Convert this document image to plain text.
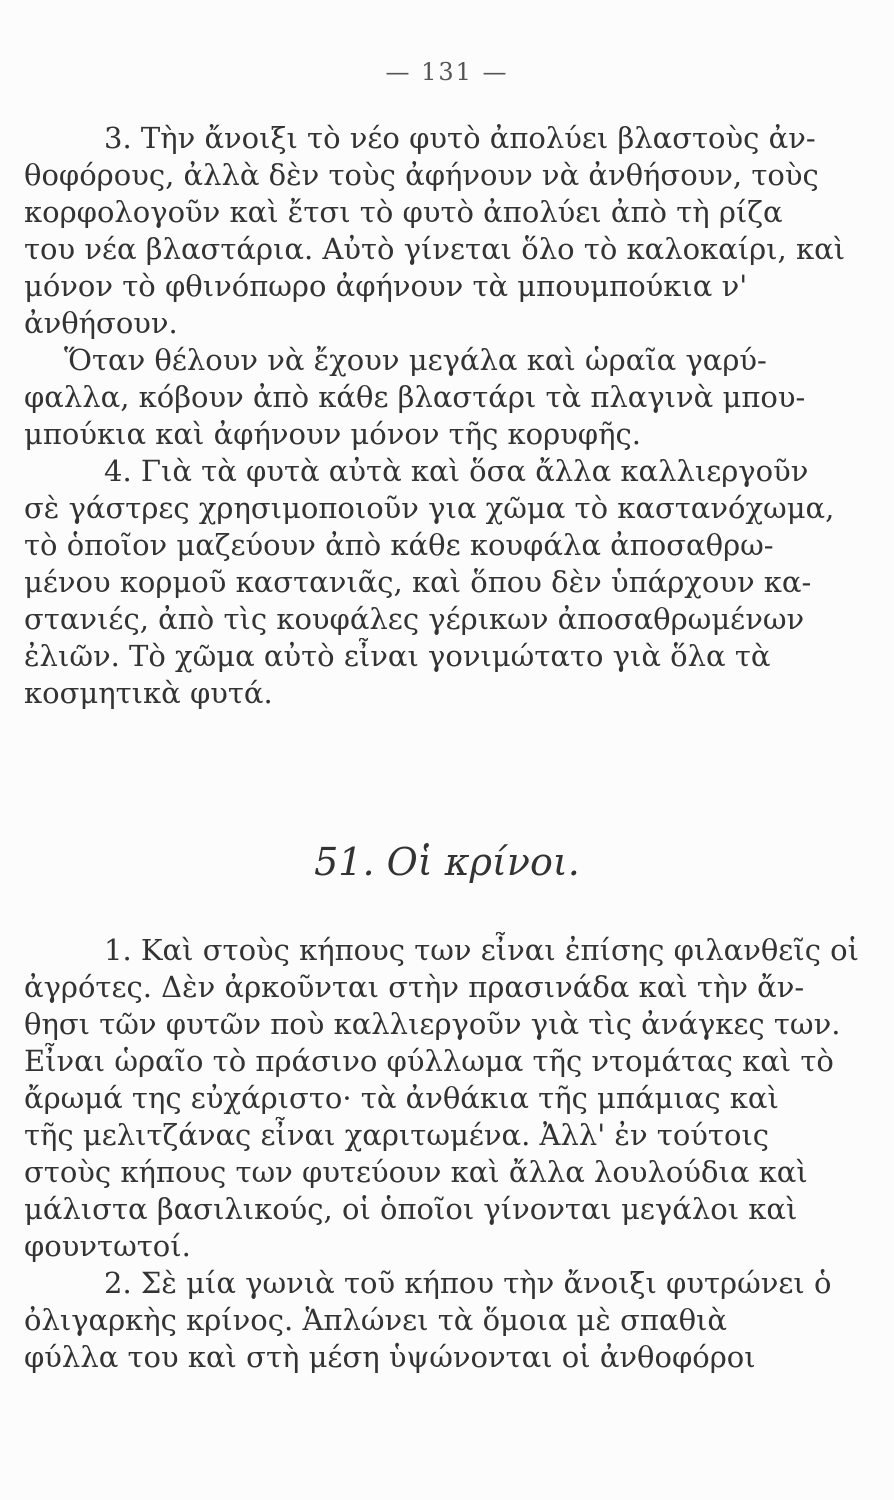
— 131 —
3. Τὴν ἄνοιξι τὸ νέο φυτὸ ἀπολύει βλαστοὺς ἀν-
θοφόρους, ἀλλὰ δὲν τοὺς ἀφήνουν νὰ ἀνθήσουν, τοὺς
κορφολογοῦν καὶ ἔτσι τὸ φυτὸ ἀπολύει ἀπὸ τὴ ρίζα
του νέα βλαστάρια. Αὐτὸ γίνεται ὅλο τὸ καλοκαίρι, καὶ
μόνον τὸ φθινόπωρο ἀφήνουν τὰ μπουμπούκια ν'
ἀνθήσουν.
Ὅταν θέλουν νὰ ἔχουν μεγάλα καὶ ὡραῖα γαρύ-
φαλλα, κόβουν ἀπὸ κάθε βλαστάρι τὰ πλαγινὰ μπου-
μπούκια καὶ ἀφήνουν μόνον τῆς κορυφῆς.
4. Γιὰ τὰ φυτὰ αὐτὰ καὶ ὅσα ἄλλα καλλιεργοῦν
σὲ γάστρες χρησιμοποιοῦν για χῶμα τὸ καστανόχωμα,
τὸ ὁποῖον μαζεύουν ἀπὸ κάθε κουφάλα ἀποσαθρω-
μένου κορμοῦ καστανιᾶς, καὶ ὅπου δὲν ὑπάρχουν κα-
στανιές, ἀπὸ τὶς κουφάλες γέρικων ἀποσαθρωμένων
ἐλιῶν. Τὸ χῶμα αὐτὸ εἶναι γονιμώτατο γιὰ ὅλα τὰ
κοσμητικὰ φυτά.
51. Οἱ κρίνοι.
1. Καὶ στοὺς κήπους των εἶναι ἐπίσης φιλανθεῖς οἱ
ἀγρότες. Δὲν ἀρκοῦνται στὴν πρασινάδα καὶ τὴν ἄν-
θησι τῶν φυτῶν ποὺ καλλιεργοῦν γιὰ τὶς ἀνάγκες των.
Εἶναι ὡραῖο τὸ πράσινο φύλλωμα τῆς ντομάτας καὶ τὸ
ἄρωμά της εὐχάριστο· τὰ ἀνθάκια τῆς μπάμιας καὶ
τῆς μελιτζάνας εἶναι χαριτωμένα. Ἀλλ' ἐν τούτοις
στοὺς κήπους των φυτεύουν καὶ ἄλλα λουλούδια καὶ
μάλιστα βασιλικούς, οἱ ὁποῖοι γίνονται μεγάλοι καὶ
φουντωτοί.
2. Σὲ μία γωνιὰ τοῦ κήπου τὴν ἄνοιξι φυτρώνει ὁ
ὀλιγαρκὴς κρίνος. Ἁπλώνει τὰ ὅμοια μὲ σπαθιὰ
φύλλα του καὶ στὴ μέση ὑψώνονται οἱ ἀνθοφόροι
